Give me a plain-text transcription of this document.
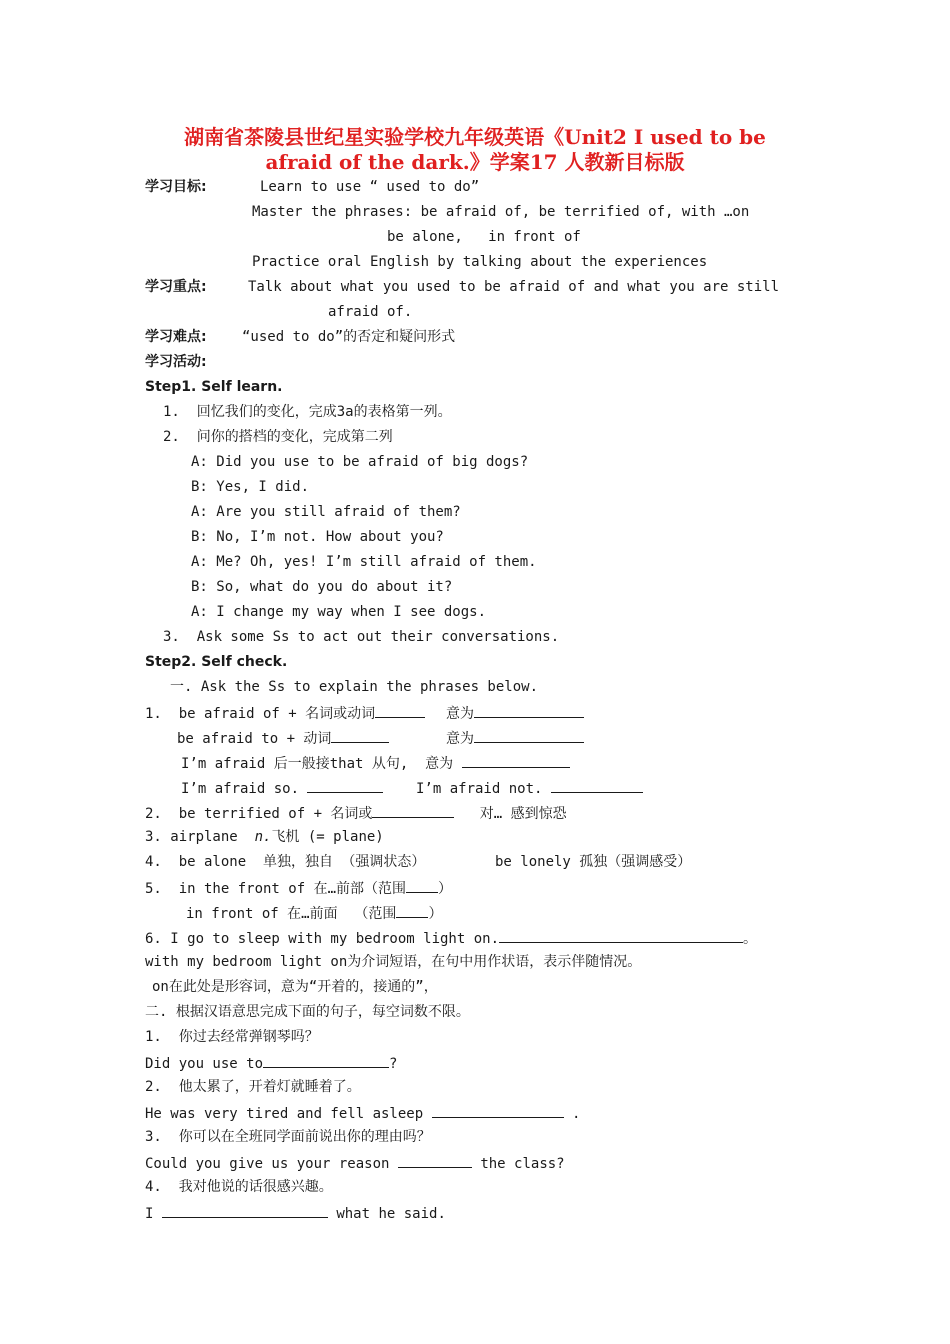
湖南省茶陵县世纪星实验学校九年级英语《Unit2 I used to be
afraid of the dark.》学案17 人教新目标版
学习目标:	Learn to use “ used to do”
Master the phrases: be afraid of, be terrified of, with …on
be alone,   in front of
Practice oral English by talking about the experiences
学习重点:	Talk about what you used to be afraid of and what you are still
afraid of.
学习难点:	“used to do”的否定和疑问形式
学习活动:
Step1. Self learn.
1.  回忆我们的变化，完成3a的表格第一列。
2.  问你的搭档的变化，完成第二列
A: Did you use to be afraid of big dogs?
B: Yes, I did.
A: Are you still afraid of them?
B: No, I’m not. How about you?
A: Me? Oh, yes! I’m still afraid of them.
B: So, what do you do about it?
A: I change my way when I see dogs.
3.  Ask some Ss to act out their conversations.
Step2. Self check.
一. Ask the Ss to explain the phrases below.
1.  be afraid of + 名词或动词	意为
be afraid to + 动词	意为
I’m afraid 后一般接that 从句,  意为
I’m afraid so.	I’m afraid not.
2.  be terrified of + 名词或	对… 感到惊恐
3. airplane  n.飞机 (= plane)
4.  be alone  单独，独自 （强调状态）	be lonely 孤独（强调感受）
5.  in the front of 在…前部（范围 ）
in front of 在…前面  （范围 ）
6. I go to sleep with my bedroom light on.	。
with my bedroom light on为介词短语，在句中用作状语，表示伴随情况。
on在此处是形容词，意为“开着的，接通的”，
二. 根据汉语意思完成下面的句子，每空词数不限。
1.  你过去经常弹钢琴吗？
Did you use to	?
2.  他太累了，开着灯就睡着了。
He was very tired and fell asleep	.
3.  你可以在全班同学面前说出你的理由吗？
Could you give us your reason	the class?
4.  我对他说的话很感兴趣。
I	what he said.
